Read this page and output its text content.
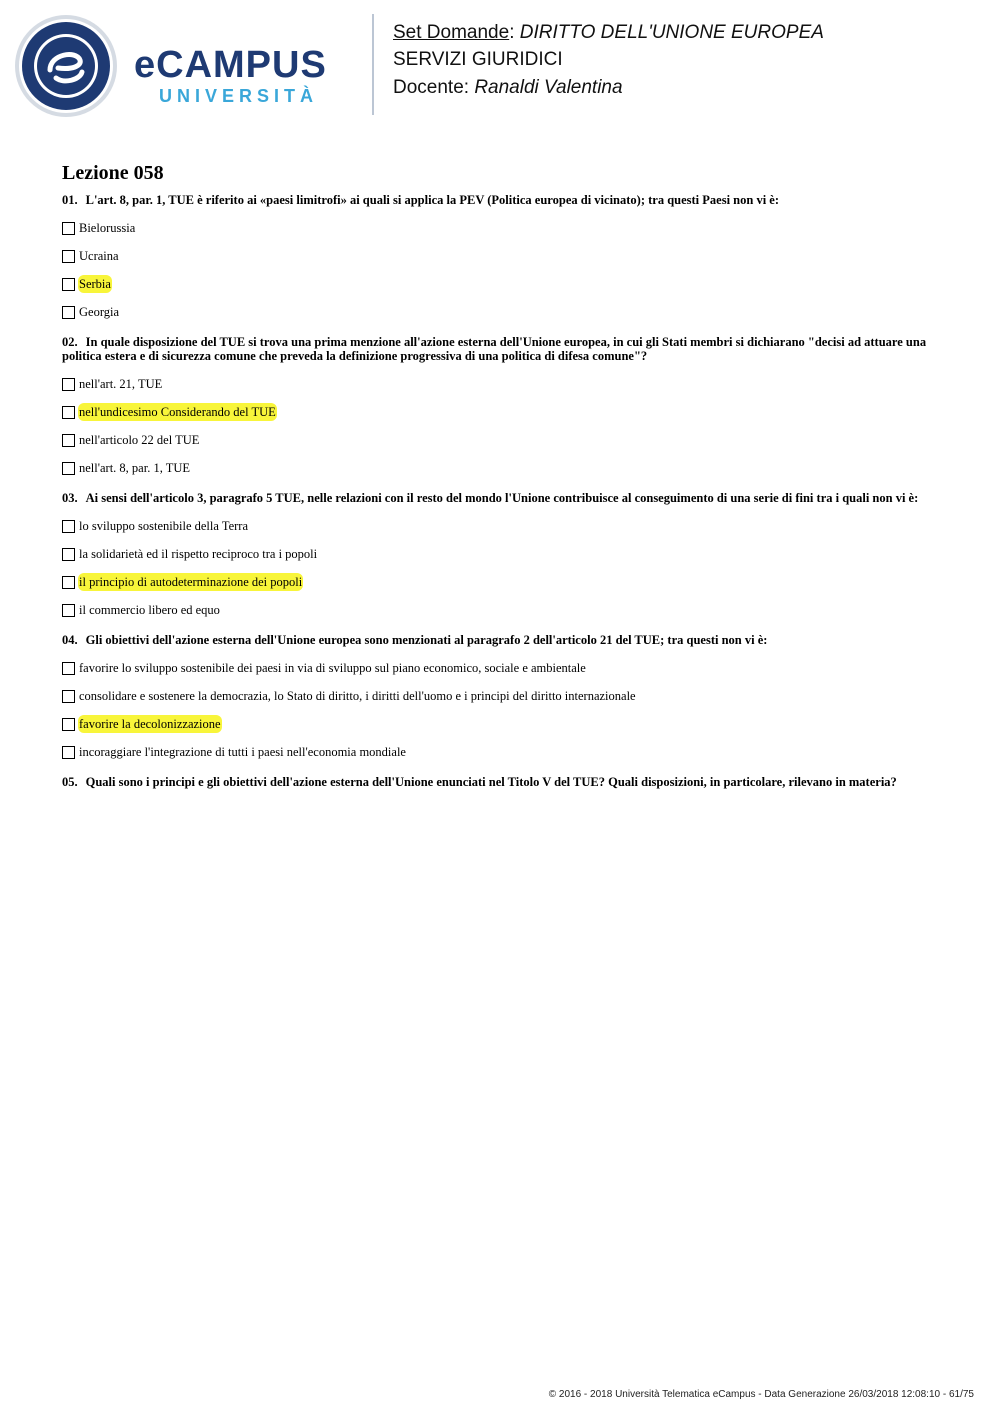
eCAMPUS
UNIVERSITÀ
Set Domande: DIRITTO DELL'UNIONE EUROPEA
SERVIZI GIURIDICI
Docente: Ranaldi Valentina
Lezione 058

01. L'art. 8, par. 1, TUE è riferito ai «paesi limitrofi» ai quali si applica la PEV (Politica europea di vicinato); tra questi Paesi non vi è:

Bielorussia
Ucraina
Serbia
Georgia

02. In quale disposizione del TUE si trova una prima menzione all'azione esterna dell'Unione europea, in cui gli Stati membri si dichiarano "decisi ad attuare una politica estera e di sicurezza comune che preveda la definizione progressiva di una politica di difesa comune"?

nell'art. 21, TUE
nell'undicesimo Considerando del TUE
nell'articolo 22 del TUE
nell'art. 8, par. 1, TUE

03. Ai sensi dell'articolo 3, paragrafo 5 TUE, nelle relazioni con il resto del mondo l'Unione contribuisce al conseguimento di una serie di fini tra i quali non vi è:

lo sviluppo sostenibile della Terra
la solidarietà ed il rispetto reciproco tra i popoli
il principio di autodeterminazione dei popoli
il commercio libero ed equo

04. Gli obiettivi dell'azione esterna dell'Unione europea sono menzionati al paragrafo 2 dell'articolo 21 del TUE; tra questi non vi è:

favorire lo sviluppo sostenibile dei paesi in via di sviluppo sul piano economico, sociale e ambientale
consolidare e sostenere la democrazia, lo Stato di diritto, i diritti dell'uomo e i principi del diritto internazionale
favorire la decolonizzazione
incoraggiare l'integrazione di tutti i paesi nell'economia mondiale

05. Quali sono i principi e gli obiettivi dell'azione esterna dell'Unione enunciati nel Titolo V del TUE? Quali disposizioni, in particolare, rilevano in materia?

© 2016 - 2018 Università Telematica eCampus - Data Generazione 26/03/2018 12:08:10 - 61/75
